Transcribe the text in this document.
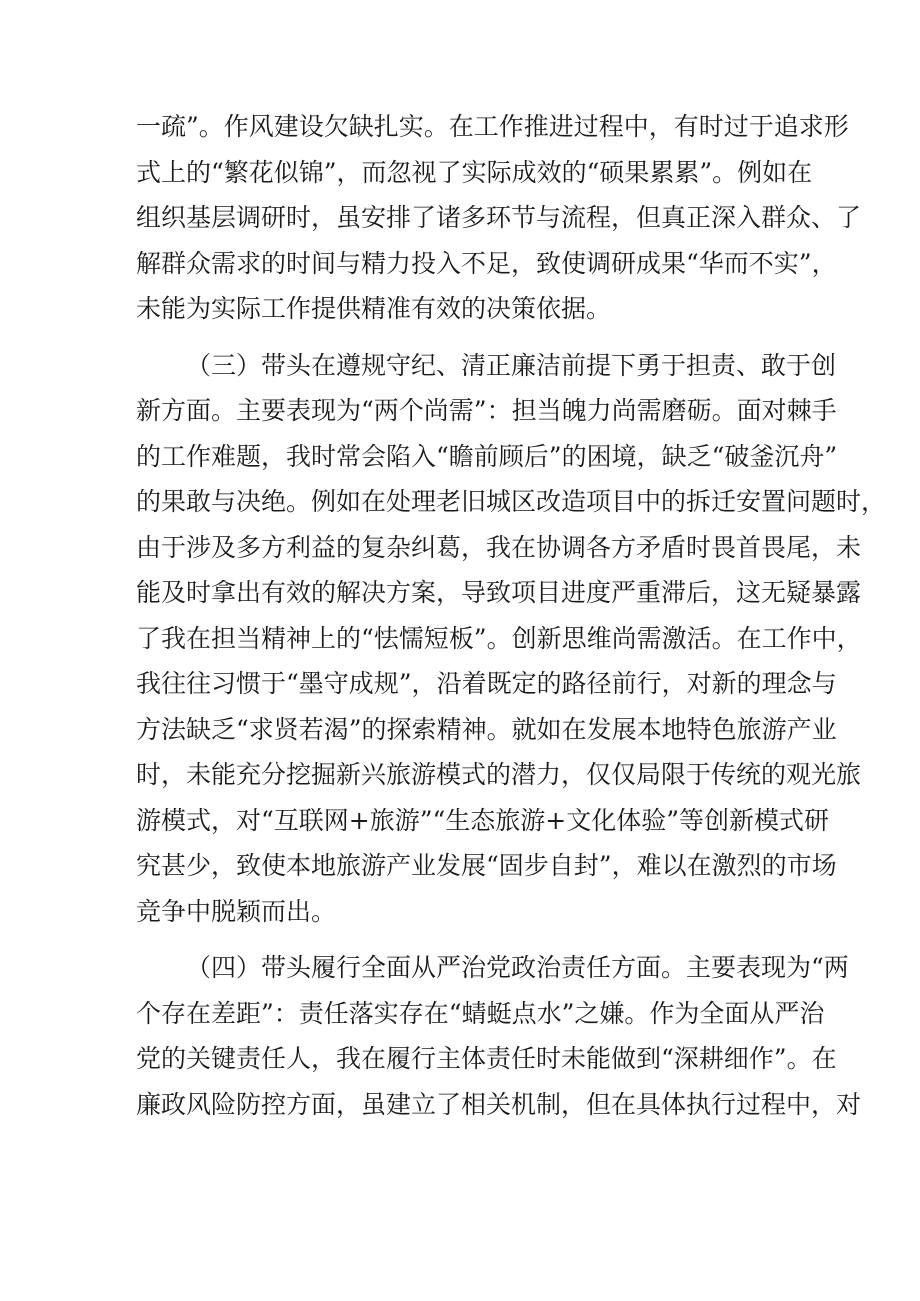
一疏”。作风建设欠缺扎实。在工作推进过程中，有时过于追求形
式上的“繁花似锦”，而忽视了实际成效的“硕果累累”。例如在
组织基层调研时，虽安排了诸多环节与流程，但真正深入群众、了
解群众需求的时间与精力投入不足，致使调研成果“华而不实”，
未能为实际工作提供精准有效的决策依据。
（三）带头在遵规守纪、清正廉洁前提下勇于担责、敢于创
新方面。主要表现为“两个尚需”：担当魄力尚需磨砺。面对棘手
的工作难题，我时常会陷入“瞻前顾后”的困境，缺乏“破釜沉舟”
的果敢与决绝。例如在处理老旧城区改造项目中的拆迁安置问题时，
由于涉及多方利益的复杂纠葛，我在协调各方矛盾时畏首畏尾，未
能及时拿出有效的解决方案，导致项目进度严重滞后，这无疑暴露
了我在担当精神上的“怯懦短板”。创新思维尚需激活。在工作中，
我往往习惯于“墨守成规”，沿着既定的路径前行，对新的理念与
方法缺乏“求贤若渴”的探索精神。就如在发展本地特色旅游产业
时，未能充分挖掘新兴旅游模式的潜力，仅仅局限于传统的观光旅
游模式，对“互联网+旅游”“生态旅游+文化体验”等创新模式研
究甚少，致使本地旅游产业发展“固步自封”，难以在激烈的市场
竞争中脱颖而出。
（四）带头履行全面从严治党政治责任方面。主要表现为“两
个存在差距”：责任落实存在“蜻蜓点水”之嫌。作为全面从严治
党的关键责任人，我在履行主体责任时未能做到“深耕细作”。在
廉政风险防控方面，虽建立了相关机制，但在具体执行过程中，对
